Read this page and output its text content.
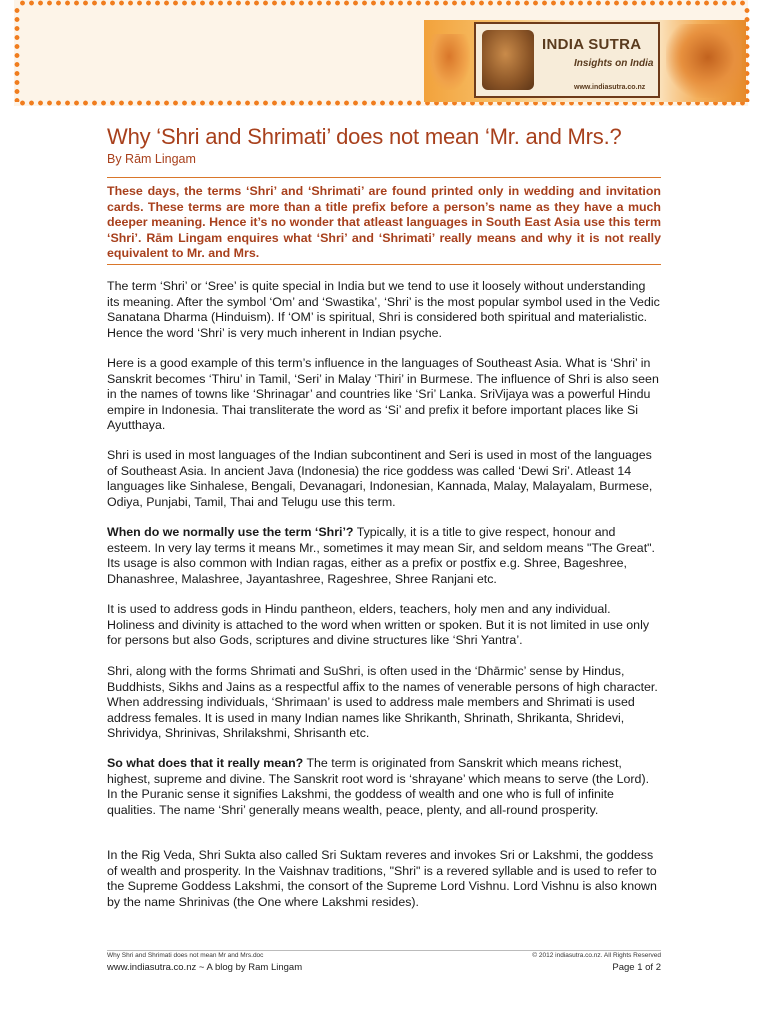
INDIA SUTRA
Insights on India
www.indiasutra.co.nz
Why ‘Shri and Shrimati’ does not mean ‘Mr. and Mrs.?
By Rām Lingam

These days, the terms ‘Shri’ and ‘Shrimati’ are found printed only in wedding and invitation cards. These terms are more than a title prefix before a person’s name as they have a much deeper meaning. Hence it’s no wonder that atleast languages in South East Asia use this term ‘Shri’. Rām Lingam enquires what ‘Shri’ and ‘Shrimati’ really means and why it is not really equivalent to Mr. and Mrs.

The term ‘Shri’ or ‘Sree’ is quite special in India but we tend to use it loosely without understanding its meaning. After the symbol ‘Om’ and ‘Swastika’, ‘Shri’ is the most popular symbol used in the Vedic Sanatana Dharma (Hinduism). If ‘OM’ is spiritual, Shri is considered both spiritual and materialistic. Hence the word ‘Shri’ is very much inherent in Indian psyche.

Here is a good example of this term’s influence in the languages of Southeast Asia. What is ‘Shri’ in Sanskrit becomes ‘Thiru’ in Tamil, ‘Seri’ in Malay ‘Thiri’ in Burmese. The influence of Shri is also seen in the names of towns like ‘Shrinagar’ and countries like ‘Sri’ Lanka. SriVijaya was a powerful Hindu empire in Indonesia. Thai transliterate the word as ‘Si’ and prefix it before important places like Si Ayutthaya.

Shri is used in most languages of the Indian subcontinent and Seri is used in most of the languages of Southeast Asia. In ancient Java (Indonesia) the rice goddess was called ‘Dewi Sri’. Atleast 14 languages like Sinhalese, Bengali, Devanagari, Indonesian, Kannada, Malay, Malayalam, Burmese, Odiya, Punjabi, Tamil, Thai and Telugu use this term.

When do we normally use the term ‘Shri’? Typically, it is a title to give respect, honour and esteem. In very lay terms it means Mr., sometimes it may mean Sir, and seldom means "The Great". Its usage is also common with Indian ragas, either as a prefix or postfix e.g. Shree, Bageshree, Dhanashree, Malashree, Jayantashree, Rageshree, Shree Ranjani etc.

It is used to address gods in Hindu pantheon, elders, teachers, holy men and any individual. Holiness and divinity is attached to the word when written or spoken. But it is not limited in use only for persons but also Gods, scriptures and divine structures like ‘Shri Yantra’.

Shri, along with the forms Shrimati and SuShri, is often used in the ‘Dhārmic’ sense by Hindus, Buddhists, Sikhs and Jains as a respectful affix to the names of venerable persons of high character. When addressing individuals, ‘Shrimaan’ is used to address male members and Shrimati is used address females. It is used in many Indian names like Shrikanth, Shrinath, Shrikanta, Shridevi, Shrividya, Shrinivas, Shrilakshmi, Shrisanth etc.

So what does that it really mean? The term is originated from Sanskrit which means richest, highest, supreme and divine. The Sanskrit root word is ‘shrayane’ which means to serve (the Lord). In the Puranic sense it signifies Lakshmi, the goddess of wealth and one who is full of infinite qualities. The name ‘Shri’ generally means wealth, peace, plenty, and all-round prosperity.

In the Rig Veda, Shri Sukta also called Sri Suktam reveres and invokes Sri or Lakshmi, the goddess of wealth and prosperity. In the Vaishnav traditions, "Shri" is a revered syllable and is used to refer to the Supreme Goddess Lakshmi, the consort of the Supreme Lord Vishnu. Lord Vishnu is also known by the name Shrinivas (the One where Lakshmi resides).

Why Shri and Shrimati does not mean Mr and Mrs.doc	© 2012 indiasutra.co.nz. All Rights Reserved
www.indiasutra.co.nz ~ A blog by Ram Lingam	Page 1 of 2
